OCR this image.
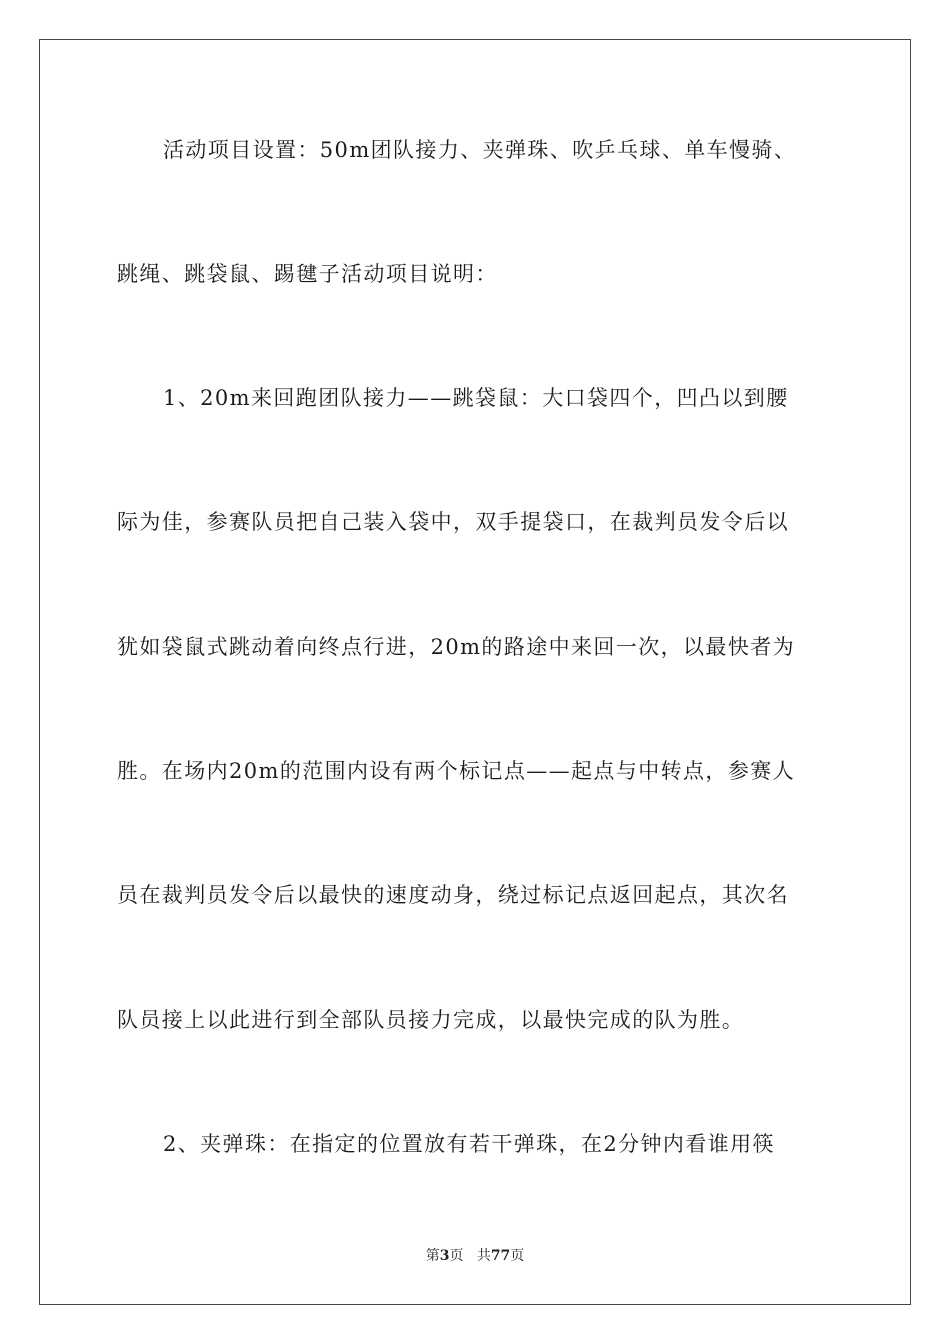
活动项目设置：50m团队接力、夹弹珠、吹乒乓球、单车慢骑、
跳绳、跳袋鼠、踢毽子活动项目说明：
1、20m来回跑团队接力——跳袋鼠：大口袋四个，凹凸以到腰
际为佳，参赛队员把自己装入袋中，双手提袋口，在裁判员发令后以
犹如袋鼠式跳动着向终点行进，20m的路途中来回一次，以最快者为
胜。在场内20m的范围内设有两个标记点——起点与中转点，参赛人
员在裁判员发令后以最快的速度动身，绕过标记点返回起点，其次名
队员接上以此进行到全部队员接力完成，以最快完成的队为胜。
2、夹弹珠：在指定的位置放有若干弹珠，在2分钟内看谁用筷
第3页 共77页
